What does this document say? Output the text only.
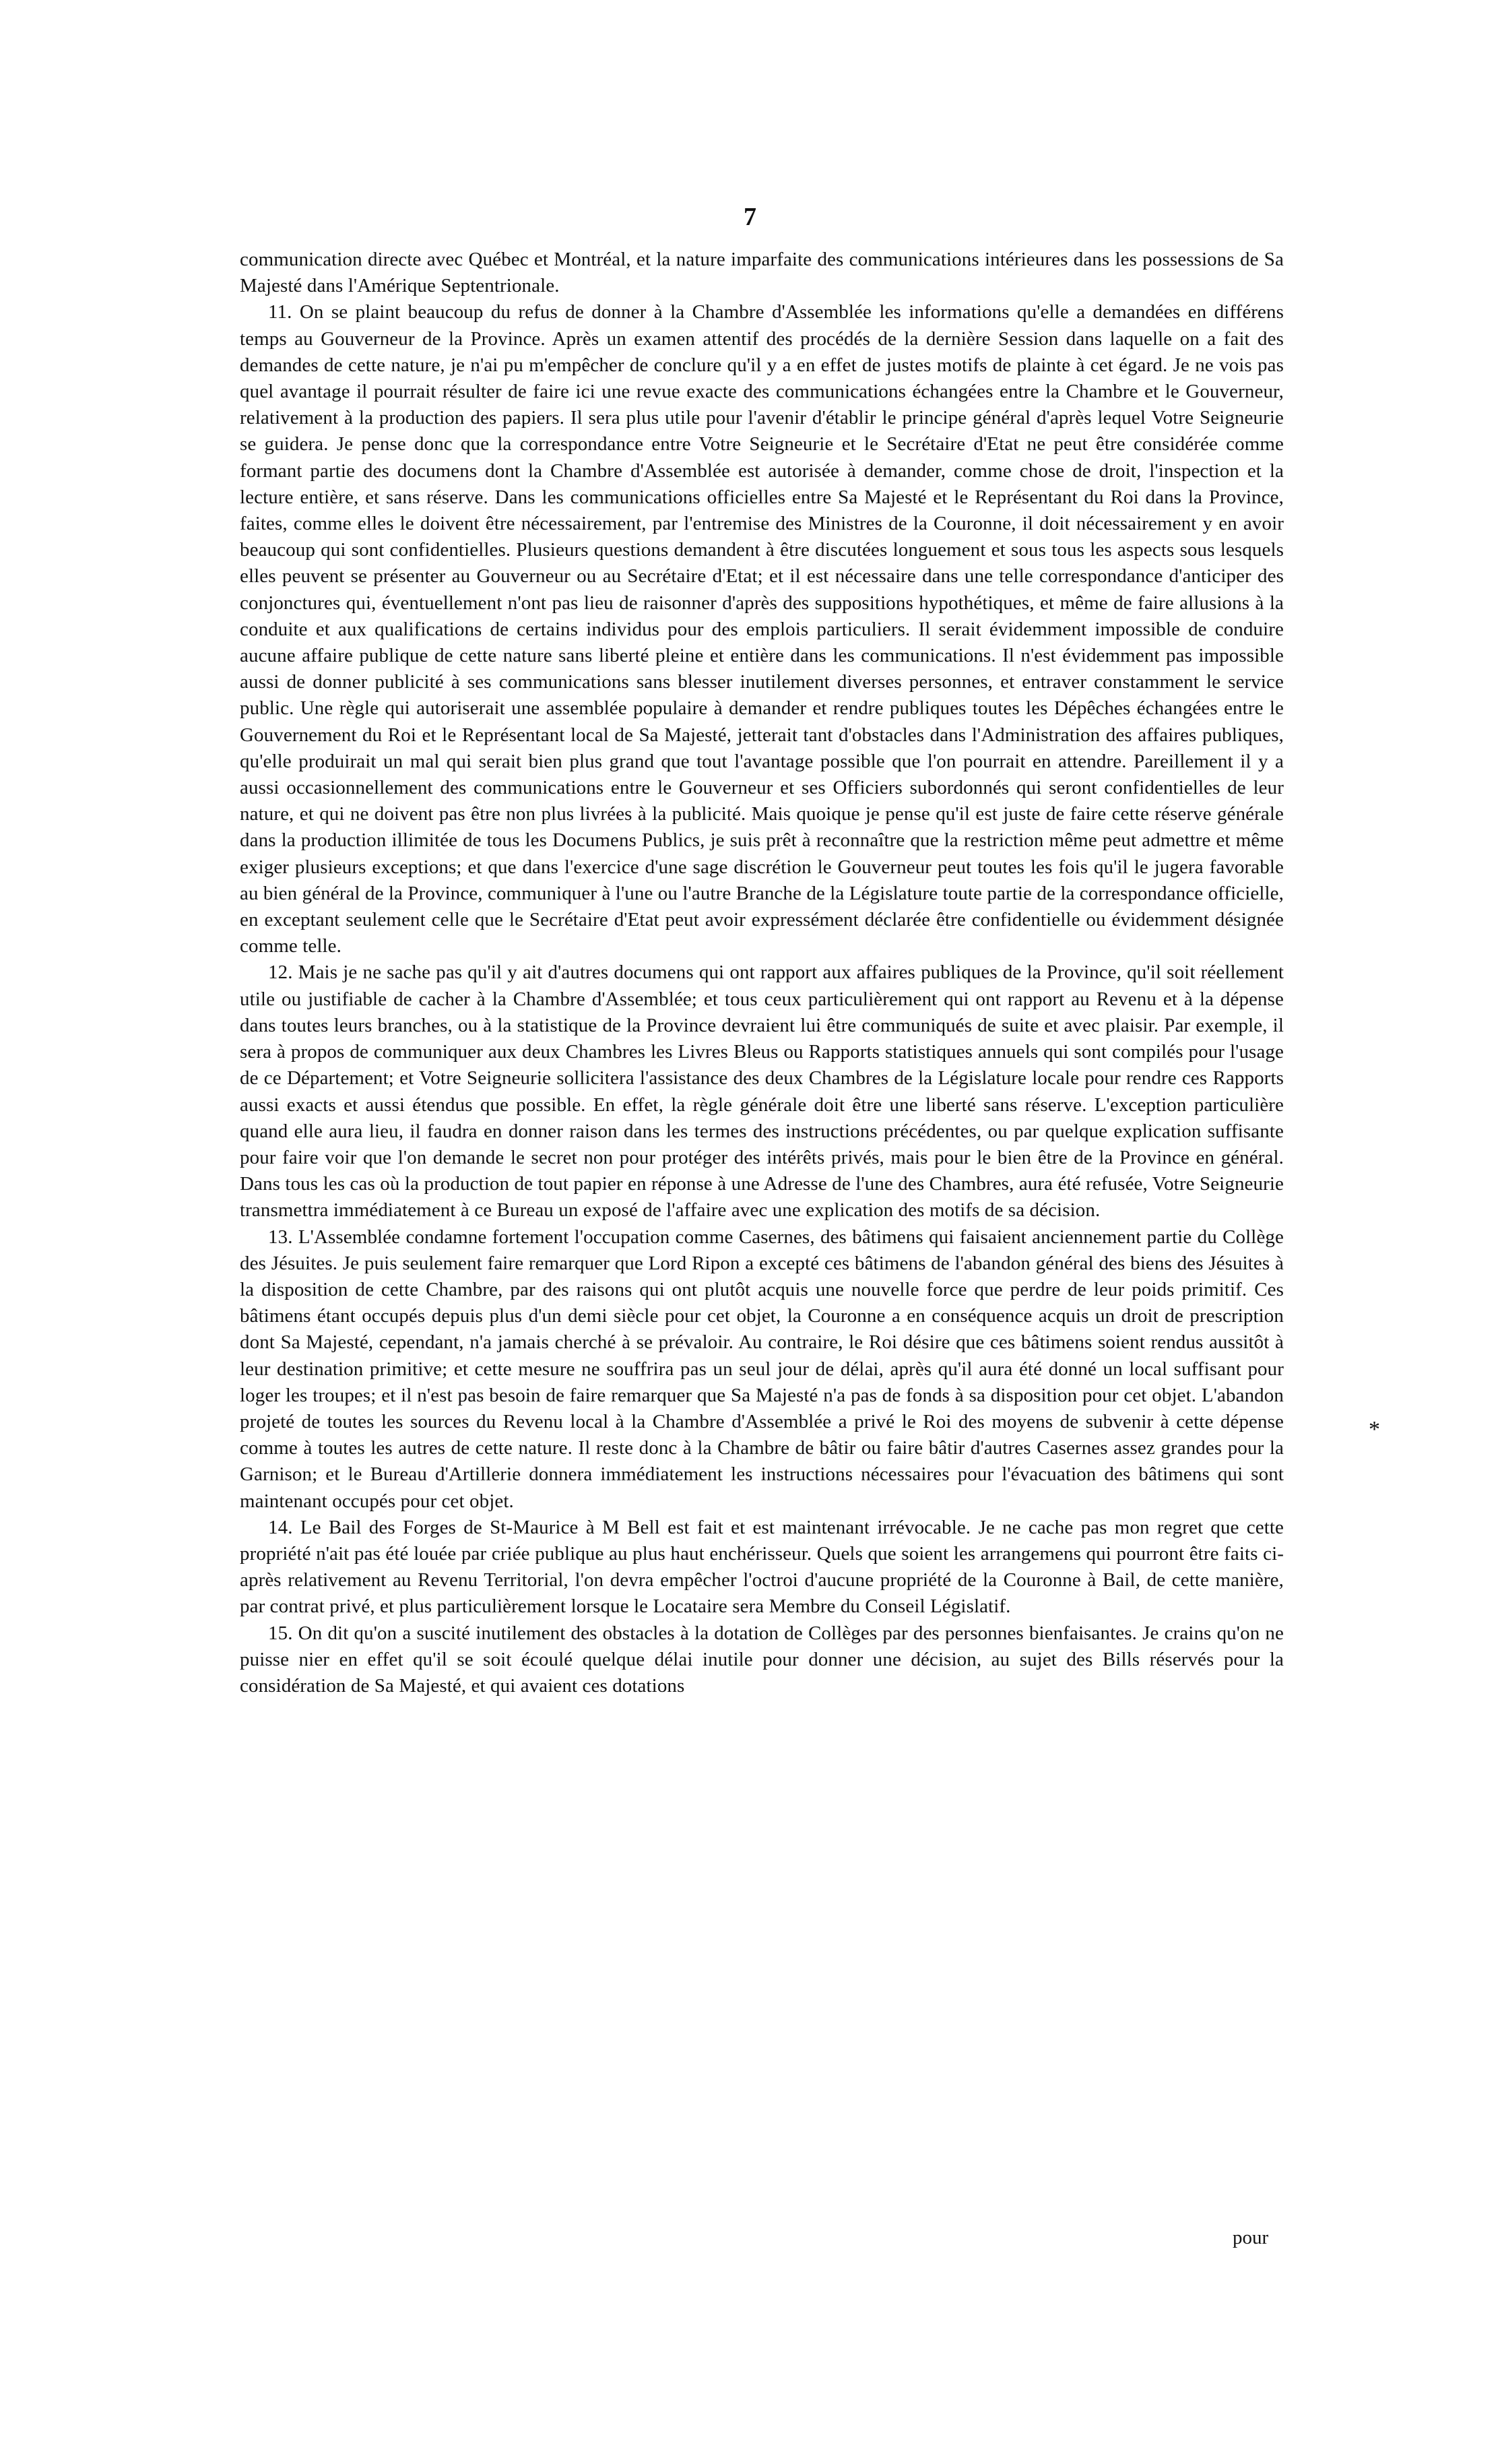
7

communication directe avec Québec et Montréal, et la nature imparfaite des communications intérieures dans les possessions de Sa Majesté dans l'Amérique Septentrionale.

11. On se plaint beaucoup du refus de donner à la Chambre d'Assemblée les informations qu'elle a demandées en différens temps au Gouverneur de la Province. Après un examen attentif des procédés de la dernière Session dans laquelle on a fait des demandes de cette nature, je n'ai pu m'empêcher de conclure qu'il y a en effet de justes motifs de plainte à cet égard. Je ne vois pas quel avantage il pourrait résulter de faire ici une revue exacte des communications échangées entre la Chambre et le Gouverneur, relativement à la production des papiers. Il sera plus utile pour l'avenir d'établir le principe général d'après lequel Votre Seigneurie se guidera. Je pense donc que la correspondance entre Votre Seigneurie et le Secrétaire d'Etat ne peut être considérée comme formant partie des documens dont la Chambre d'Assemblée est autorisée à demander, comme chose de droit, l'inspection et la lecture entière, et sans réserve. Dans les communications officielles entre Sa Majesté et le Représentant du Roi dans la Province, faites, comme elles le doivent être nécessairement, par l'entremise des Ministres de la Couronne, il doit nécessairement y en avoir beaucoup qui sont confidentielles. Plusieurs questions demandent à être discutées longuement et sous tous les aspects sous lesquels elles peuvent se présenter au Gouverneur ou au Secrétaire d'Etat; et il est nécessaire dans une telle correspondance d'anticiper des conjonctures qui, éventuellement n'ont pas lieu de raisonner d'après des suppositions hypothétiques, et même de faire allusions à la conduite et aux qualifications de certains individus pour des emplois particuliers. Il serait évidemment impossible de conduire aucune affaire publique de cette nature sans liberté pleine et entière dans les communications. Il n'est évidemment pas impossible aussi de donner publicité à ses communications sans blesser inutilement diverses personnes, et entraver constamment le service public. Une règle qui autoriserait une assemblée populaire à demander et rendre publiques toutes les Dépêches échangées entre le Gouvernement du Roi et le Représentant local de Sa Majesté, jetterait tant d'obstacles dans l'Administration des affaires publiques, qu'elle produirait un mal qui serait bien plus grand que tout l'avantage possible que l'on pourrait en attendre. Pareillement il y a aussi occasionnellement des communications entre le Gouverneur et ses Officiers subordonnés qui seront confidentielles de leur nature, et qui ne doivent pas être non plus livrées à la publicité. Mais quoique je pense qu'il est juste de faire cette réserve générale dans la production illimitée de tous les Documens Publics, je suis prêt à reconnaître que la restriction même peut admettre et même exiger plusieurs exceptions; et que dans l'exercice d'une sage discrétion le Gouverneur peut toutes les fois qu'il le jugera favorable au bien général de la Province, communiquer à l'une ou l'autre Branche de la Législature toute partie de la correspondance officielle, en exceptant seulement celle que le Secrétaire d'Etat peut avoir expressément déclarée être confidentielle ou évidemment désignée comme telle.

12. Mais je ne sache pas qu'il y ait d'autres documens qui ont rapport aux affaires publiques de la Province, qu'il soit réellement utile ou justifiable de cacher à la Chambre d'Assemblée; et tous ceux particulièrement qui ont rapport au Revenu et à la dépense dans toutes leurs branches, ou à la statistique de la Province devraient lui être communiqués de suite et avec plaisir. Par exemple, il sera à propos de communiquer aux deux Chambres les Livres Bleus ou Rapports statistiques annuels qui sont compilés pour l'usage de ce Département; et Votre Seigneurie sollicitera l'assistance des deux Chambres de la Législature locale pour rendre ces Rapports aussi exacts et aussi étendus que possible. En effet, la règle générale doit être une liberté sans réserve. L'exception particulière quand elle aura lieu, il faudra en donner raison dans les termes des instructions précédentes, ou par quelque explication suffisante pour faire voir que l'on demande le secret non pour protéger des intérêts privés, mais pour le bien être de la Province en général. Dans tous les cas où la production de tout papier en réponse à une Adresse de l'une des Chambres, aura été refusée, Votre Seigneurie transmettra immédiatement à ce Bureau un exposé de l'affaire avec une explication des motifs de sa décision.

13. L'Assemblée condamne fortement l'occupation comme Casernes, des bâtimens qui faisaient anciennement partie du Collège des Jésuites. Je puis seulement faire remarquer que Lord Ripon a excepté ces bâtimens de l'abandon général des biens des Jésuites à la disposition de cette Chambre, par des raisons qui ont plutôt acquis une nouvelle force que perdre de leur poids primitif. Ces bâtimens étant occupés depuis plus d'un demi siècle pour cet objet, la Couronne a en conséquence acquis un droit de prescription dont Sa Majesté, cependant, n'a jamais cherché à se prévaloir. Au contraire, le Roi désire que ces bâtimens soient rendus aussitôt à leur destination primitive; et cette mesure ne souffrira pas un seul jour de délai, après qu'il aura été donné un local suffisant pour loger les troupes; et il n'est pas besoin de faire remarquer que Sa Majesté n'a pas de fonds à sa disposition pour cet objet. L'abandon projeté de toutes les sources du Revenu local à la Chambre d'Assemblée a privé le Roi des moyens de subvenir à cette dépense comme à toutes les autres de cette nature. Il reste donc à la Chambre de bâtir ou faire bâtir d'autres Casernes assez grandes pour la Garnison; et le Bureau d'Artillerie donnera immédiatement les instructions nécessaires pour l'évacuation des bâtimens qui sont maintenant occupés pour cet objet.

14. Le Bail des Forges de St-Maurice à M Bell est fait et est maintenant irrévocable. Je ne cache pas mon regret que cette propriété n'ait pas été louée par criée publique au plus haut enchérisseur. Quels que soient les arrangemens qui pourront être faits ci-après relativement au Revenu Territorial, l'on devra empêcher l'octroi d'aucune propriété de la Couronne à Bail, de cette manière, par contrat privé, et plus particulièrement lorsque le Locataire sera Membre du Conseil Législatif.

15. On dit qu'on a suscité inutilement des obstacles à la dotation de Collèges par des personnes bienfaisantes. Je crains qu'on ne puisse nier en effet qu'il se soit écoulé quelque délai inutile pour donner une décision, au sujet des Bills réservés pour la considération de Sa Majesté, et qui avaient ces dotations

*
pour
